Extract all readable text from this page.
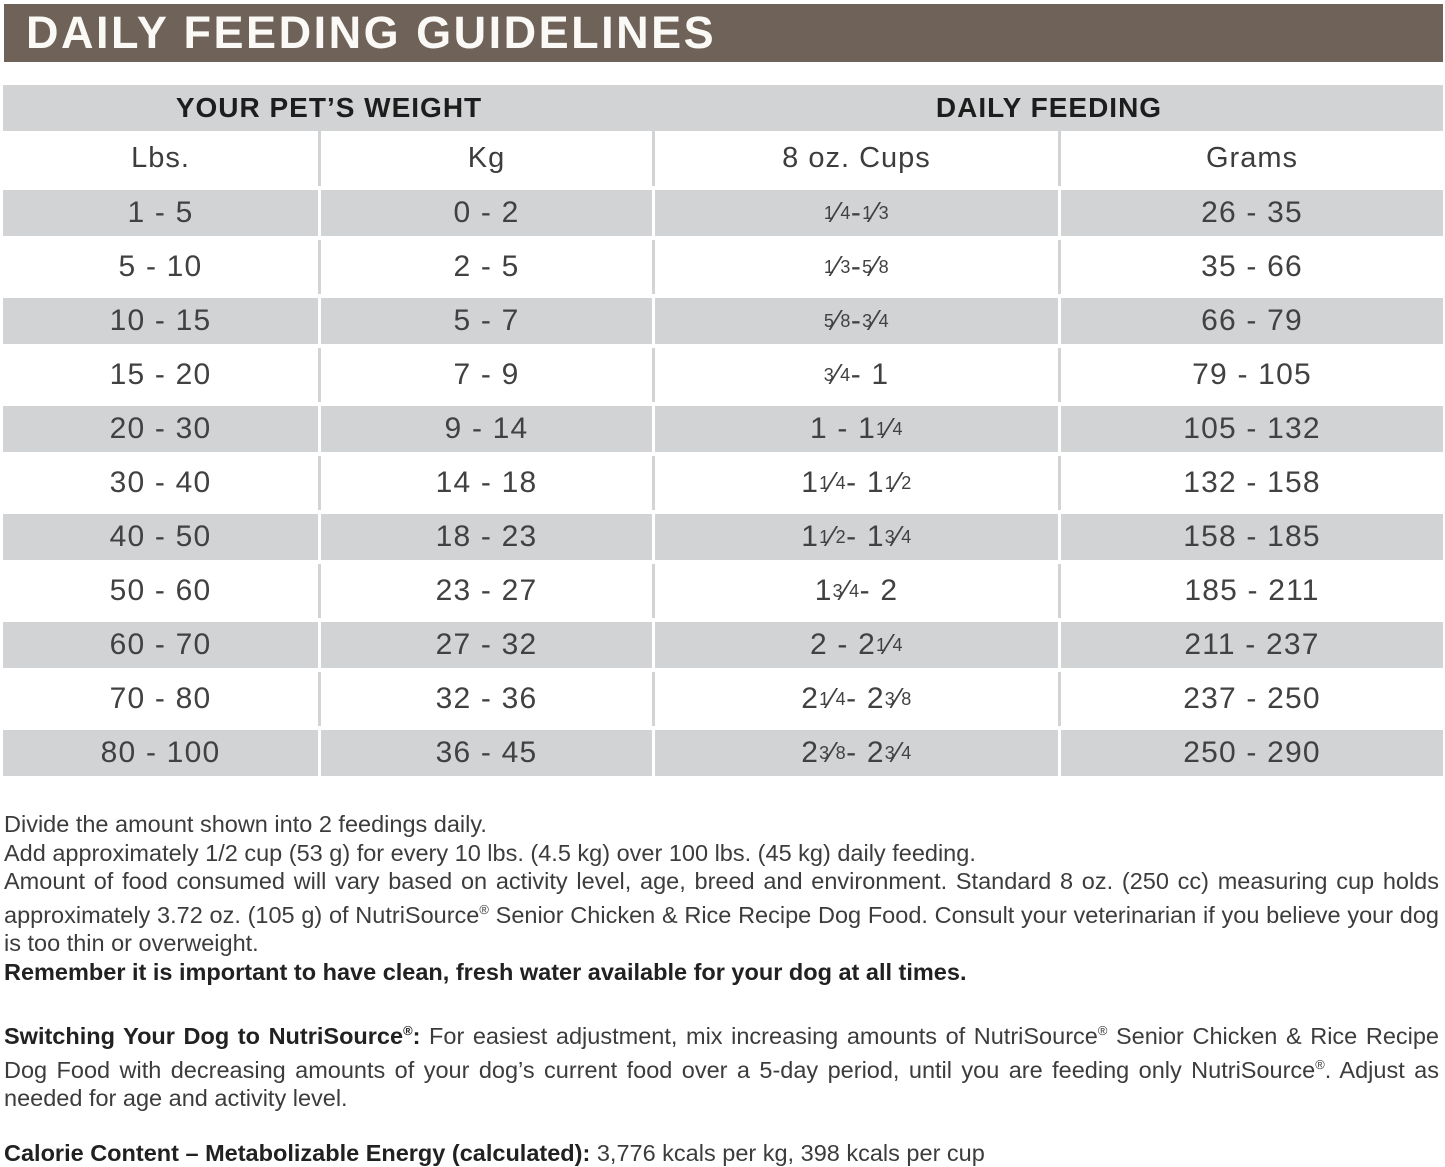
DAILY FEEDING GUIDELINES
YOUR PET’S WEIGHT	DAILY FEEDING
Lbs.	Kg	8 oz. Cups	Grams
1 - 5	0 - 2	1 ⁄ 4 - 1 ⁄ 3	26 - 35
5 - 10	2 - 5	1 ⁄ 3 - 5 ⁄ 8	35 - 66
10 - 15	5 - 7	5 ⁄ 8 - 3 ⁄ 4	66 - 79
15 - 20	7 - 9	3 ⁄ 4 - 1	79 - 105
20 - 30	9 - 14	1 - 1 1 ⁄ 4	105 - 132
30 - 40	14 - 18	1 1 ⁄ 4 - 1 1 ⁄ 2	132 - 158
40 - 50	18 - 23	1 1 ⁄ 2 - 1 3 ⁄ 4	158 - 185
50 - 60	23 - 27	1 3 ⁄ 4 - 2	185 - 211
60 - 70	27 - 32	2 - 2 1 ⁄ 4	211 - 237
70 - 80	32 - 36	2 1 ⁄ 4 - 2 3 ⁄ 8	237 - 250
80 - 100	36 - 45	2 3 ⁄ 8 - 2 3 ⁄ 4	250 - 290
Divide the amount shown into 2 feedings daily.
Add approximately 1/2 cup (53 g) for every 10 lbs. (4.5 kg) over 100 lbs. (45 kg) daily feeding.

Amount of food consumed will vary based on activity level, age, breed and environment. Standard 8 oz. (250 cc) measuring cup holds approximately 3.72 oz. (105 g) of NutriSource® Senior Chicken & Rice Recipe Dog Food. Consult your veterinarian if you believe your dog is too thin or overweight.

Remember it is important to have clean, fresh water available for your dog at all times.

Switching Your Dog to NutriSource®: For easiest adjustment, mix increasing amounts of NutriSource® Senior Chicken & Rice Recipe Dog Food with decreasing amounts of your dog’s current food over a 5-day period, until you are feeding only NutriSource®. Adjust as needed for age and activity level.

Calorie Content – Metabolizable Energy (calculated): 3,776 kcals per kg, 398 kcals per cup
